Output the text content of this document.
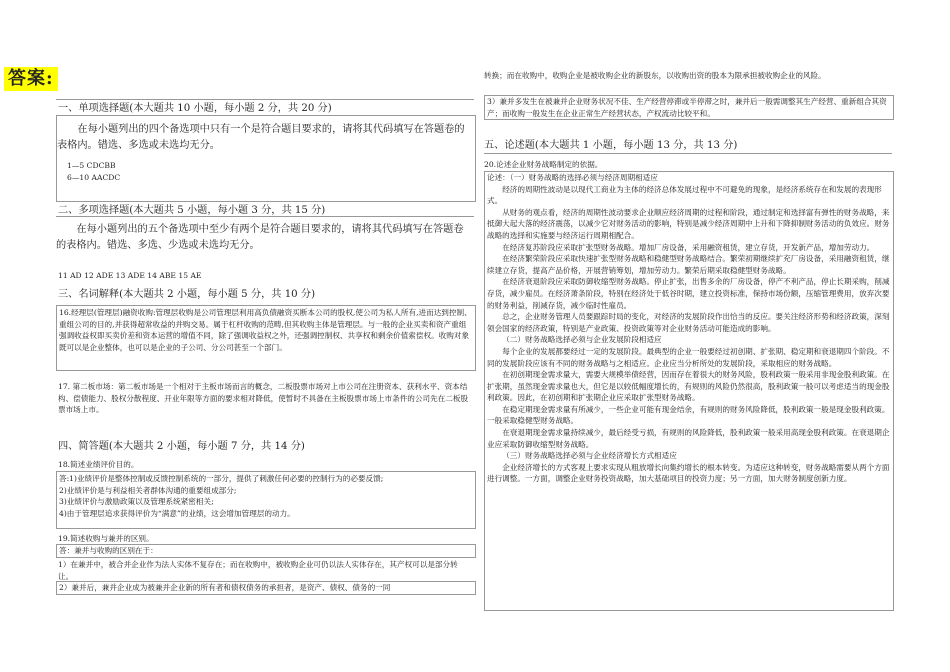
答案:
一、单项选择题(本大题共 10 小题，每小题 2 分，共 20 分)

在每小题列出的四个备选项中只有一个是符合题目要求的，请将其代码填写在答题卷的表格内。错选、多选或未选均无分。

1—5 CDCBB
6—10 AACDC
二、多项选择题(本大题共 5 小题，每小题 3 分，共 15 分)

在每小题列出的五个备选项中至少有两个是符合题目要求的，请将其代码填写在答题卷的表格内。错选、多选、少选或未选均无分。

11 AD 12 ADE 13 ADE 14 ABE 15 AE
三、名词解释(本大题共 2 小题，每小题 5 分，共 10 分)
16.经理层(管理层)融资收购:管理层收购是公司管理层利用高负债融资买断本公司的股权,使公司为私人所有,进而达到控制、重组公司的目的,并获得超常收益的并购交易。属于杠杆收购的范畴,但其收购主体是管理层。与一般的企业买卖和资产重组强调收益权即买卖价差和资本运营的增值不同，除了强调收益权之外，还强调控制权、共享权和剩余价值索偿权。收购对象既可以是企业整体，也可以是企业的子公司、分公司甚至一个部门。
17. 第二板市场：第二板市场是一个相对于主板市场而言的概念，二板股票市场对上市公司在注册资本、获利水平、资本结构、偿债能力、股权分散程度、开业年限等方面的要求相对降低，使暂时不具备在主板股票市场上市条件的公司先在二板股票市场上市。
四、简答题(本大题共 2 小题，每小题 7 分，共 14 分)
18.简述业绩评价目的。
答:1)业绩评价是整体控制或反馈控制系统的一部分，提供了刺激任何必要的控制行为的必要反馈;
2)业绩评价是与利益相关者群体沟通的重要组成部分;
3)业绩评价与激励政策以及管理系统紧密相关;
4)由于管理层追求获得评价为“满意”的业绩，这会增加管理层的动力。
19.简述收购与兼并的区别。
答：兼并与收购的区别在于：
1）在兼并中，被合并企业作为法人实体不复存在；而在收购中，被收购企业可仍以法人实体存在，其产权可以是部分转让。
2）兼并后，兼并企业成为被兼并企业新的所有者和债权债务的承担者，是资产、债权、债务的一同
转换；而在收购中，收购企业是被收购企业的新股东，以收购出资的股本为限承担被收购企业的风险。
3）兼并多发生在被兼并企业财务状况不佳、生产经营停滞或半停滞之时，兼并后一般需调整其生产经营、重新组合其资产；而收购一般发生在企业正常生产经营状态，产权流动比较平和。
五、论述题(本大题共 1 小题，每小题 13 分，共 13 分)
20.论述企业财务战略制定的依据。
论述：（一）财务战略的选择必须与经济周期相适应
经济的周期性波动是以现代工商业为主体的经济总体发展过程中不可避免的现象，是经济系统存在和发展的表现形式。
从财务的观点看，经济的周期性波动要求企业顺应经济周期的过程和阶段，通过制定和选择富有弹性的财务战略，来抵御大起大落的经济震荡，以减少它对财务活动的影响，特别是减少经济周期中上升和下降抑制财务活动的负效应。财务战略的选择和实施要与经济运行周期相配合。
在经济复苏阶段应采取扩张型财务战略。增加厂房设备，采用融资租赁，建立存货，开发新产品，增加劳动力。
在经济繁荣阶段应采取快速扩张型财务战略和稳健型财务战略结合。繁荣初期继续扩充厂房设备，采用融资租赁，继续建立存货，提高产品价格，开展营销筹划，增加劳动力。繁荣后期采取稳健型财务战略。
在经济衰退阶段应采取防御收缩型财务战略。停止扩张，出售多余的厂房设备，停产不利产品，停止长期采购，削减存货，减少雇员。在经济萧条阶段，特别在经济处于低谷时期，建立投资标准，保持市场份额，压缩管理费用，放弃次要的财务利益，削减存货，减少临时性雇员。
总之，企业财务管理人员要跟踪时局的变化，对经济的发展阶段作出恰当的反应。要关注经济形势和经济政策，深刻领会国家的经济政策，特别是产业政策、投资政策等对企业财务活动可能造成的影响。
（二）财务战略选择必须与企业发展阶段相适应
每个企业的发展都要经过一定的发展阶段。最典型的企业一般要经过初创期、扩张期、稳定期和衰退期四个阶段。不同的发展阶段应该有不同的财务战略与之相适应。企业应当分析所处的发展阶段，采取相应的财务战略。
在初创期现金需求量大，需要大规模举债经营，因而存在着很大的财务风险，股利政策一般采用非现金股利政策。在扩张期，虽然现金需求量也大，但它是以较低幅度增长的，有规则的风险仍然很高，股利政策一般可以考虑适当的现金股利政策。因此，在初创期和扩张期企业应采取扩张型财务战略。
在稳定期现金需求量有所减少，一些企业可能有现金结余，有规则的财务风险降低，股利政策一般是现金股利政策。一般采取稳健型财务战略。
在衰退期现金需求量持续减少，最后经受亏损，有规则的风险降低，股利政策一般采用高现金股利政策。在衰退期企业应采取防御收缩型财务战略。
（三）财务战略选择必须与企业经济增长方式相适应
企业经济增长的方式客观上要求实现从粗放增长向集约增长的根本转变。为适应这种转变，财务战略需要从两个方面进行调整。一方面，调整企业财务投资战略，加大基础项目的投资力度；另一方面，加大财务制度创新力度。
